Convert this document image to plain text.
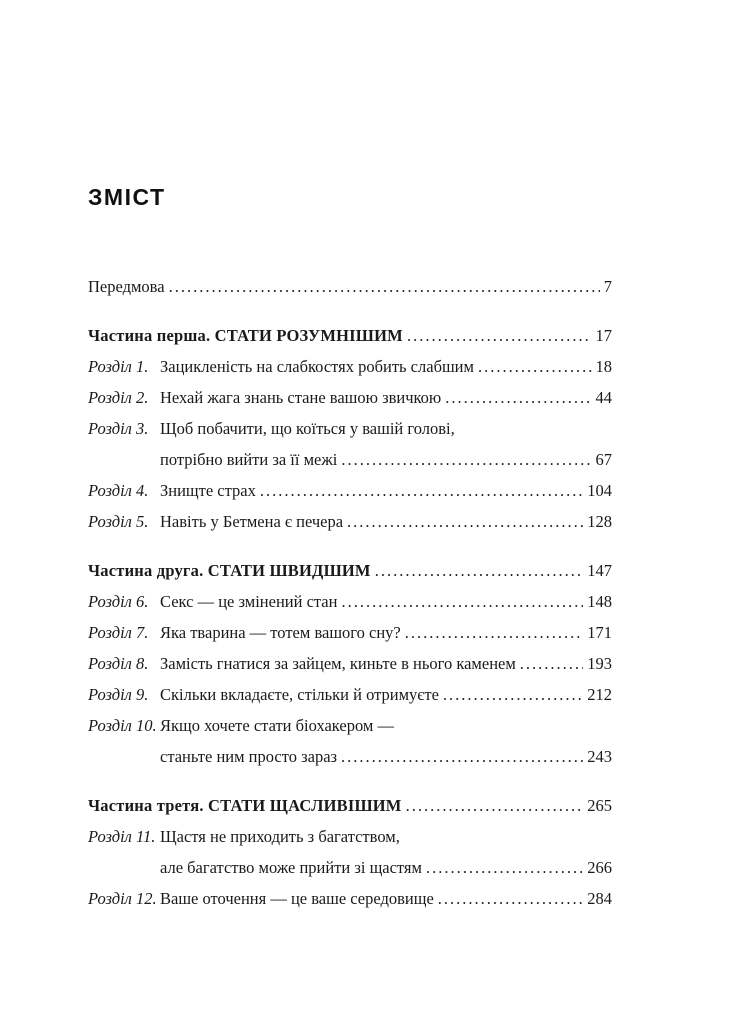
ЗМІСТ
Передмова .....	7
Частина перша. СТАТИ РОЗУМНІШИМ .....	17
Розділ 1. Зацикленість на слабкостях робить слабшим .....	18
Розділ 2. Нехай жага знань стане вашою звичкою .....	44
Розділ 3. Щоб побачити, що коїться у вашій голові,
потрібно вийти за її межі .....	67
Розділ 4. Знищте страх .....	104
Розділ 5. Навіть у Бетмена є печера .....	128
Частина друга. СТАТИ ШВИДШИМ .....	147
Розділ 6. Секс — це змінений стан .....	148
Розділ 7. Яка тварина — тотем вашого сну? .....	171
Розділ 8. Замість гнатися за зайцем, киньте в нього каменем .....	193
Розділ 9. Скільки вкладаєте, стільки й отримуєте .....	212
Розділ 10. Якщо хочете стати біохакером —
станьте ним просто зараз .....	243
Частина третя. СТАТИ ЩАСЛИВІШИМ .....	265
Розділ 11. Щастя не приходить з багатством,
але багатство може прийти зі щастям .....	266
Розділ 12. Ваше оточення — це ваше середовище .....	284
